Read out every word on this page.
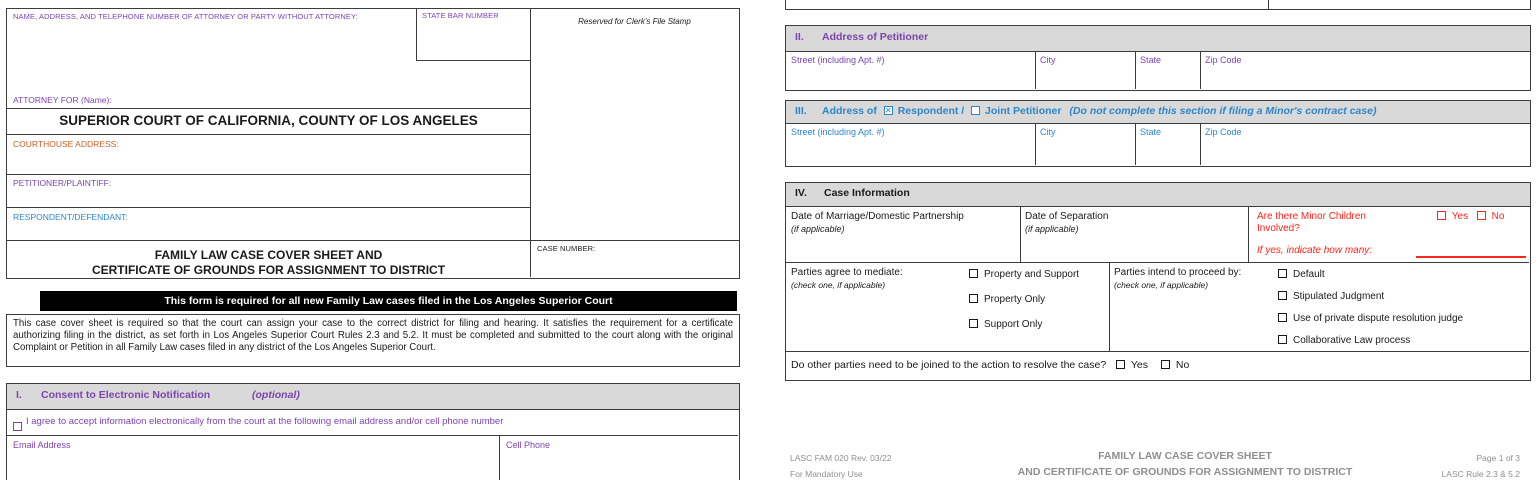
STATE BAR NUMBER
NAME, ADDRESS, AND TELEPHONE NUMBER OF ATTORNEY OR PARTY WITHOUT ATTORNEY:
Reserved for Clerk's File Stamp
ATTORNEY FOR (Name):
SUPERIOR COURT OF CALIFORNIA, COUNTY OF LOS ANGELES
COURTHOUSE ADDRESS:
PETITIONER/PLAINTIFF:
RESPONDENT/DEFENDANT:
FAMILY LAW CASE COVER SHEET AND
CERTIFICATE OF GROUNDS FOR ASSIGNMENT TO DISTRICT
CASE NUMBER:
This form is required for all new Family Law cases filed in the Los Angeles Superior Court
This case cover sheet is required so that the court can assign your case to the correct district for filing and hearing. It satisfies the requirement for a certificate authorizing filing in the district, as set forth in Los Angeles Superior Court Rules 2.3 and 5.2. It must be completed and submitted to the court along with the original Complaint or Petition in all Family Law cases filed in any district of the Los Angeles Superior Court.
I. Consent to Electronic Notification	(optional)
I agree to accept information electronically from the court at the following email address and/or cell phone number
Email Address	Cell Phone
II. Address of Petitioner
Street (including Apt. #)	City	State	Zip Code
III. Address of ✕ Respondent / Joint Petitioner (Do not complete this section if filing a Minor's contract case)
Street (including Apt. #)	City	State	Zip Code
IV. Case Information
Date of Marriage/Domestic Partnership
(if applicable)
Date of Separation
(if applicable)
Are there Minor Children
Involved?
Yes No
If yes, indicate how many:
Parties agree to mediate:
(check one, if applicable)
Property and Support
Property Only
Support Only
Parties intend to proceed by:
(check one, if applicable)
Default
Stipulated Judgment
Use of private dispute resolution judge
Collaborative Law process
Do other parties need to be joined to the action to resolve the case? Yes	No
LASC FAM 020 Rev. 03/22
For Mandatory Use
FAMILY LAW CASE COVER SHEET
AND CERTIFICATE OF GROUNDS FOR ASSIGNMENT TO DISTRICT
Page 1 of 3
LASC Rule 2.3 & 5.2
